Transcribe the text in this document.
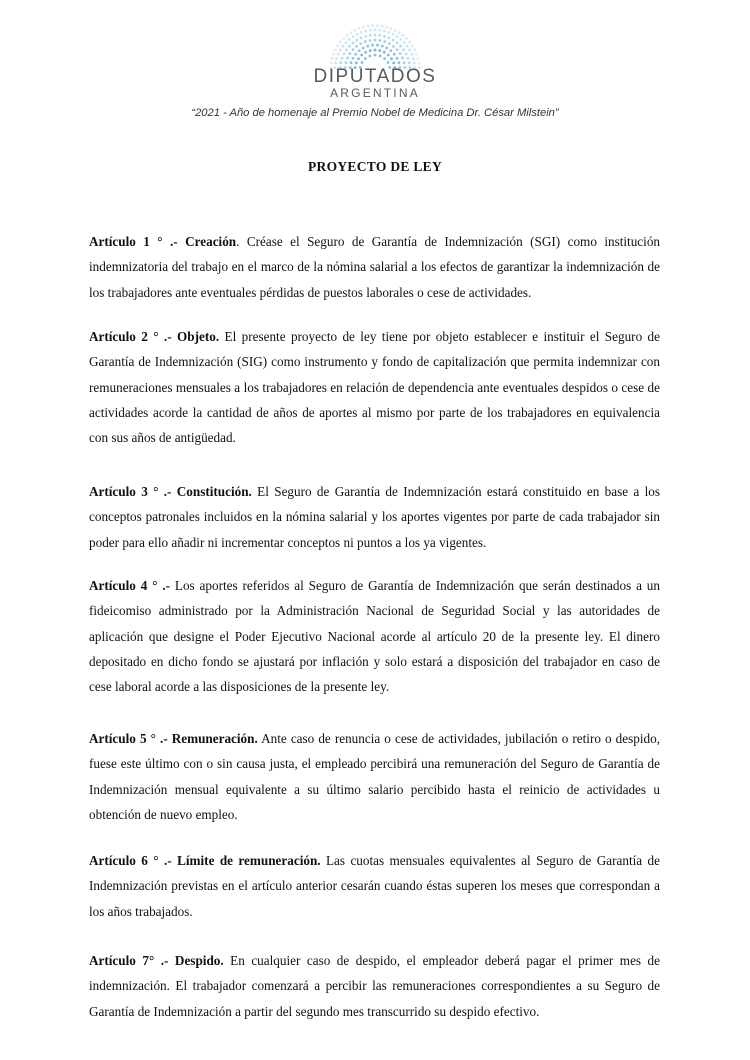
DIPUTADOS
ARGENTINA
“2021 - Año de homenaje al Premio Nobel de Medicina Dr. César Milstein”
PROYECTO DE LEY

Artículo 1 ° .- Creación. Créase el Seguro de Garantía de Indemnización (SGI) como institución indemnizatoria del trabajo en el marco de la nómina salarial a los efectos de garantizar la indemnización de los trabajadores ante eventuales pérdidas de puestos laborales o cese de actividades.

Artículo 2 ° .- Objeto. El presente proyecto de ley tiene por objeto establecer e instituir el Seguro de Garantía de Indemnización (SIG) como instrumento y fondo de capitalización que permita indemnizar con remuneraciones mensuales a los trabajadores en relación de dependencia ante eventuales despidos o cese de actividades acorde la cantidad de años de aportes al mismo por parte de los trabajadores en equivalencia con sus años de antigüedad.

Artículo 3 ° .- Constitución. El Seguro de Garantía de Indemnización estará constituido en base a los conceptos patronales incluidos en la nómina salarial y los aportes vigentes por parte de cada trabajador sin poder para ello añadir ni incrementar conceptos ni puntos a los ya vigentes.

Artículo 4 ° .- Los aportes referidos al Seguro de Garantía de Indemnización que serán destinados a un fideicomiso administrado por la Administración Nacional de Seguridad Social y las autoridades de aplicación que designe el Poder Ejecutivo Nacional acorde al artículo 20 de la presente ley. El dinero depositado en dicho fondo se ajustará por inflación y solo estará a disposición del trabajador en caso de cese laboral acorde a las disposiciones de la presente ley.

Artículo 5 ° .- Remuneración. Ante caso de renuncia o cese de actividades, jubilación o retiro o despido, fuese este último con o sin causa justa, el empleado percibirá una remuneración del Seguro de Garantía de Indemnización mensual equivalente a su último salario percibido hasta el reinicio de actividades u obtención de nuevo empleo.

Artículo 6 ° .- Límite de remuneración. Las cuotas mensuales equivalentes al Seguro de Garantía de Indemnización previstas en el artículo anterior cesarán cuando éstas superen los meses que correspondan a los años trabajados.

Artículo 7° .- Despido. En cualquier caso de despido, el empleador deberá pagar el primer mes de indemnización. El trabajador comenzará a percibir las remuneraciones correspondientes a su Seguro de Garantía de Indemnización a partir del segundo mes transcurrido su despido efectivo.
